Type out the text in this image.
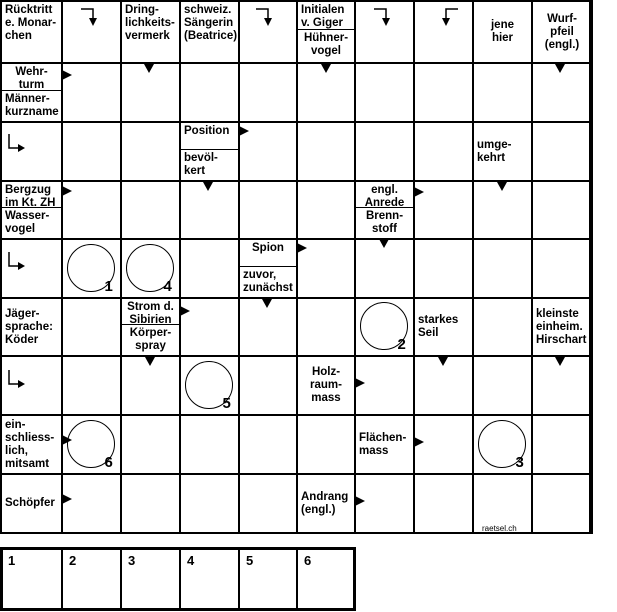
Rücktritt
e. Monar-
chen
Dring-
lichkeits-
vermerk
schweiz.
Sängerin
(Beatrice)
Initialen
v. Giger
Hühner-
vogel
jene
hier
Wurf-
pfeil
(engl.)
Wehr-
turm
Männer-
kurzname
Position
bevöl-
kert
umge-
kehrt
Bergzug
im Kt. ZH
Wasser-
vogel
engl.
Anrede
Brenn-
stoff
Spion
zuvor,
zunächst
Jäger-
sprache:
Köder
Strom d.
Sibirien
Körper-
spray
starkes
Seil
kleinste
einheim.
Hirschart
Holz-
raum-
mass
ein-
schliess-
lich,
mitsamt
Flächen-
mass
Schöpfer
Andrang
(engl.)
1
2
3
4
5
6
raetsel.ch
1	2	3	4	5	6
